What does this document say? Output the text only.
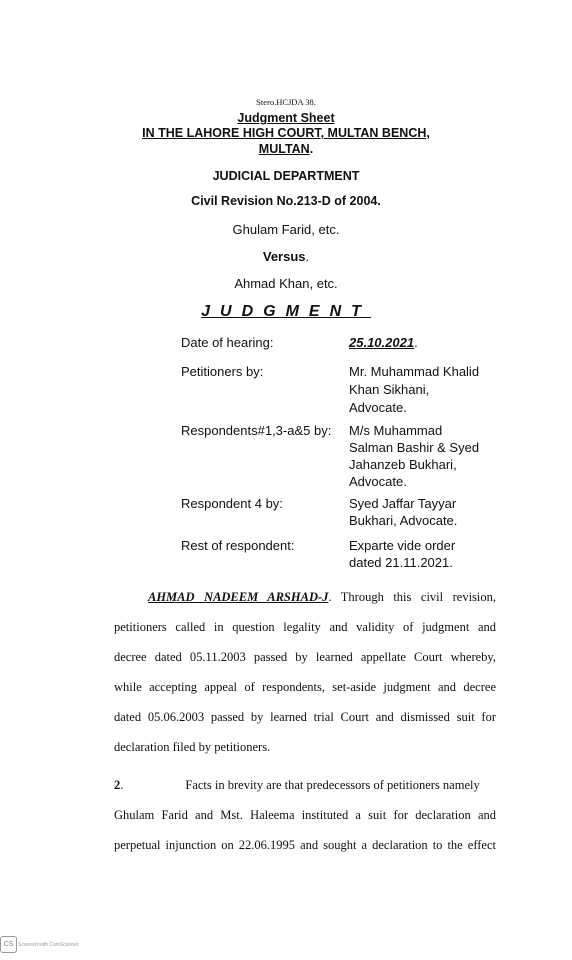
Stero.HCJDA 38.
Judgment Sheet
IN THE LAHORE HIGH COURT, MULTAN BENCH,
MULTAN.
JUDICIAL DEPARTMENT
Civil Revision No.213-D of 2004.
Ghulam Farid, etc.
Versus.
Ahmad Khan, etc.
JUDGMENT
Date of hearing:	25.10.2021.
Petitioners by:	Mr. Muhammad Khalid
Khan Sikhani,
Advocate.
Respondents#1,3-a&5 by: M/s Muhammad
Salman Bashir & Syed
Jahanzeb Bukhari,
Advocate.
Respondent 4 by:	Syed Jaffar Tayyar
Bukhari, Advocate.
Rest of respondent:	Exparte vide order
dated 21.11.2021.
AHMAD NADEEM ARSHAD-J. Through this civil revision,
petitioners called in question legality and validity of judgment and
decree dated 05.11.2003 passed by learned appellate Court whereby,
while accepting appeal of respondents, set-aside judgment and decree
dated 05.06.2003 passed by learned trial Court and dismissed suit for
declaration filed by petitioners.
2.	Facts in brevity are that predecessors of petitioners namely
Ghulam Farid and Mst. Haleema instituted a suit for declaration and
perpetual injunction on 22.06.1995 and sought a declaration to the effect
CS Scanned with CamScanner
